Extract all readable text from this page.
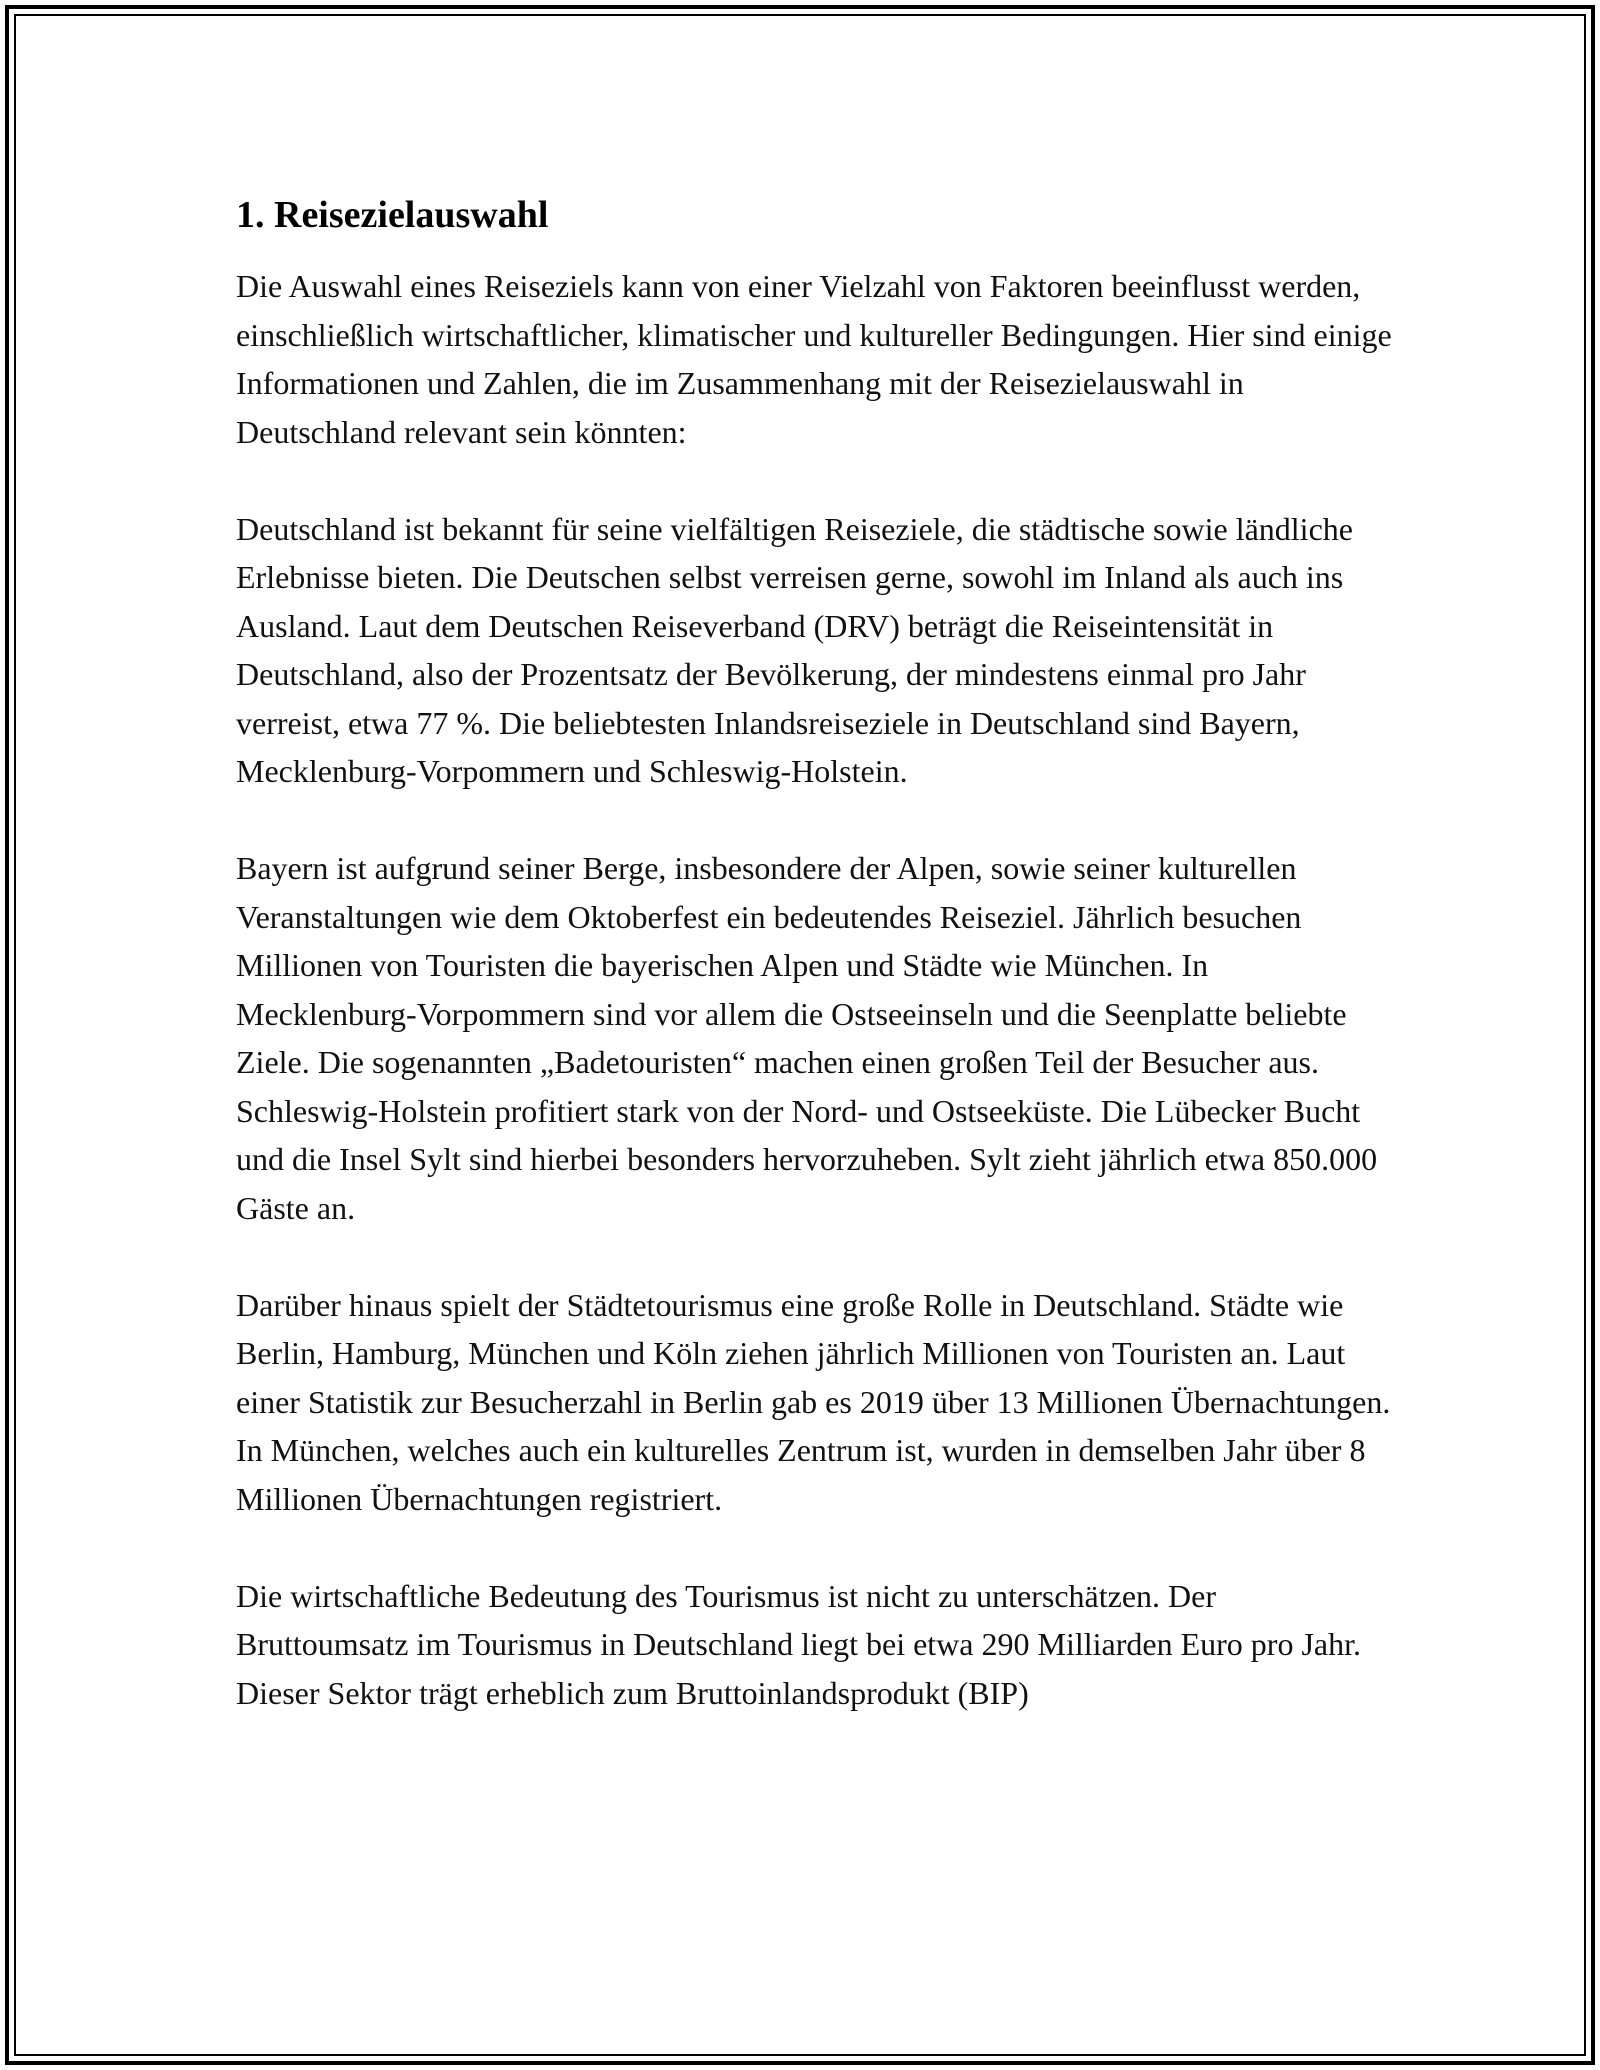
1. Reisezielauswahl

Die Auswahl eines Reiseziels kann von einer Vielzahl von Faktoren beeinflusst werden, einschließlich wirtschaftlicher, klimatischer und kultureller Bedingungen. Hier sind einige Informationen und Zahlen, die im Zusammenhang mit der Reisezielauswahl in Deutschland relevant sein könnten:

Deutschland ist bekannt für seine vielfältigen Reiseziele, die städtische sowie ländliche Erlebnisse bieten. Die Deutschen selbst verreisen gerne, sowohl im Inland als auch ins Ausland. Laut dem Deutschen Reiseverband (DRV) beträgt die Reiseintensität in Deutschland, also der Prozentsatz der Bevölkerung, der mindestens einmal pro Jahr verreist, etwa 77 %. Die beliebtesten Inlandsreiseziele in Deutschland sind Bayern, Mecklenburg-Vorpommern und Schleswig-Holstein.

Bayern ist aufgrund seiner Berge, insbesondere der Alpen, sowie seiner kulturellen Veranstaltungen wie dem Oktoberfest ein bedeutendes Reiseziel. Jährlich besuchen Millionen von Touristen die bayerischen Alpen und Städte wie München. In Mecklenburg-Vorpommern sind vor allem die Ostseeinseln und die Seenplatte beliebte Ziele. Die sogenannten „Badetouristen“ machen einen großen Teil der Besucher aus. Schleswig-Holstein profitiert stark von der Nord- und Ostseeküste. Die Lübecker Bucht und die Insel Sylt sind hierbei besonders hervorzuheben. Sylt zieht jährlich etwa 850.000 Gäste an.

Darüber hinaus spielt der Städtetourismus eine große Rolle in Deutschland. Städte wie Berlin, Hamburg, München und Köln ziehen jährlich Millionen von Touristen an. Laut einer Statistik zur Besucherzahl in Berlin gab es 2019 über 13 Millionen Übernachtungen. In München, welches auch ein kulturelles Zentrum ist, wurden in demselben Jahr über 8 Millionen Übernachtungen registriert.

Die wirtschaftliche Bedeutung des Tourismus ist nicht zu unterschätzen. Der Bruttoumsatz im Tourismus in Deutschland liegt bei etwa 290 Milliarden Euro pro Jahr. Dieser Sektor trägt erheblich zum Bruttoinlandsprodukt (BIP)
